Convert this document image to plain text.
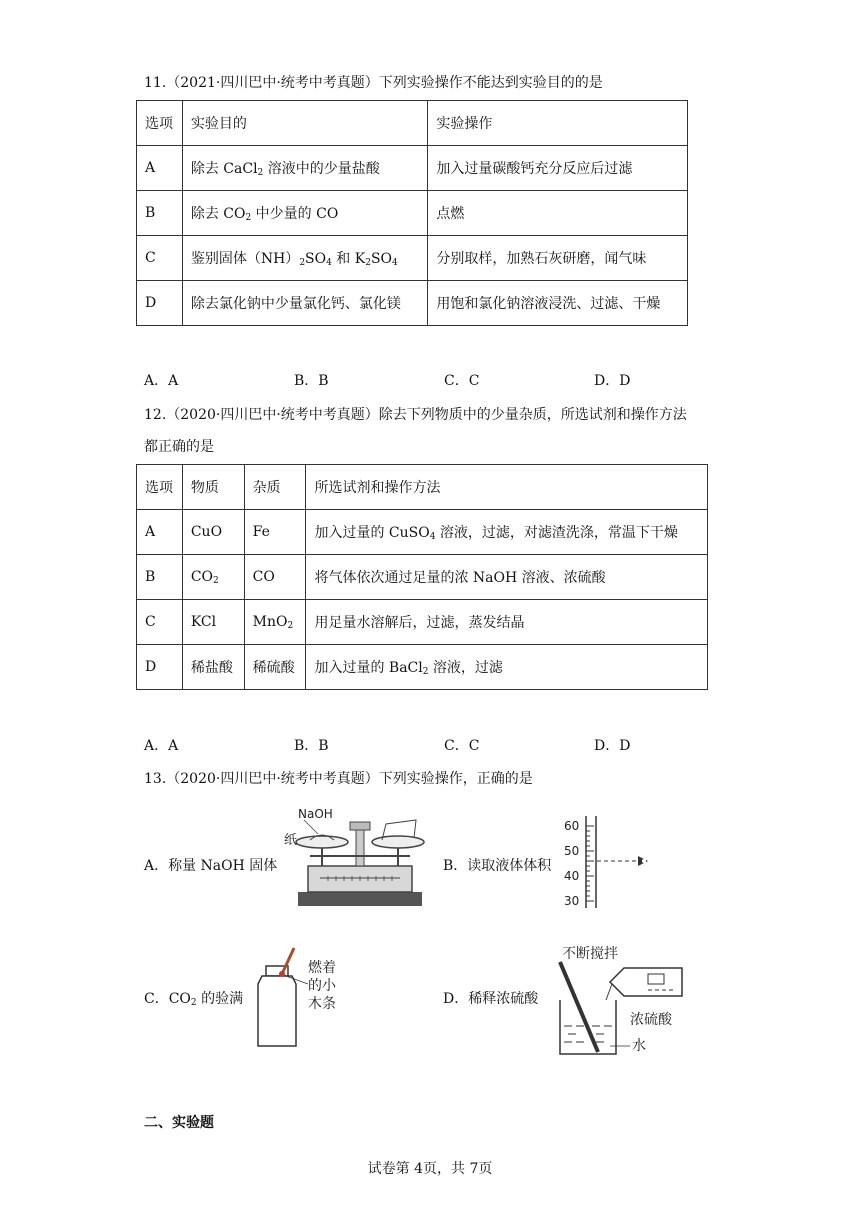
11.（2021·四川巴中·统考中考真题）下列实验操作不能达到实验目的的是
选项	实验目的	实验操作
A	除去 CaCl$_2$ 溶液中的少量盐酸	加入过量碳酸钙充分反应后过滤
B	除去 $CO_2$ 中少量的 CO	点燃
C	鉴别固体$(NH)_2SO_4$ 和 $K_2SO_4$	分别取样，加熟石灰研磨，闻气味
D	除去氯化钠中少量氯化钙、氯化镁	用饱和氯化钠溶液浸洗、过滤、干燥
A．A	B．B	C．C	D．D
12.（2020·四川巴中·统考中考真题）除去下列物质中的少量杂质，所选试剂和操作方法
都正确的是
选项	物质	杂质	所选试剂和操作方法
A	CuO	Fe	加入过量的 CuSO$_4$ 溶液，过滤，对滤渣洗涤，常温下干燥
B	$CO_2$	CO	将气体依次通过足量的浓 NaOH 溶液、浓硫酸
C	KCl	MnO$_2$	用足量水溶解后，过滤，蒸发结晶
D	稀盐酸	稀硫酸	加入过量的 BaCl$_2$ 溶液，过滤
A．A	B．B	C．C	D．D
13.（2020·四川巴中·统考中考真题）下列实验操作，正确的是
A．称量 NaOH 固体
NaOH
纸
B．读取液体体积
60
50
40
30
C．$CO_2$ 的验满
燃着
的小
木条	D．稀释浓硫酸
不断搅拌
浓硫酸
水
二、实验题
试卷第 4页，共 7页
